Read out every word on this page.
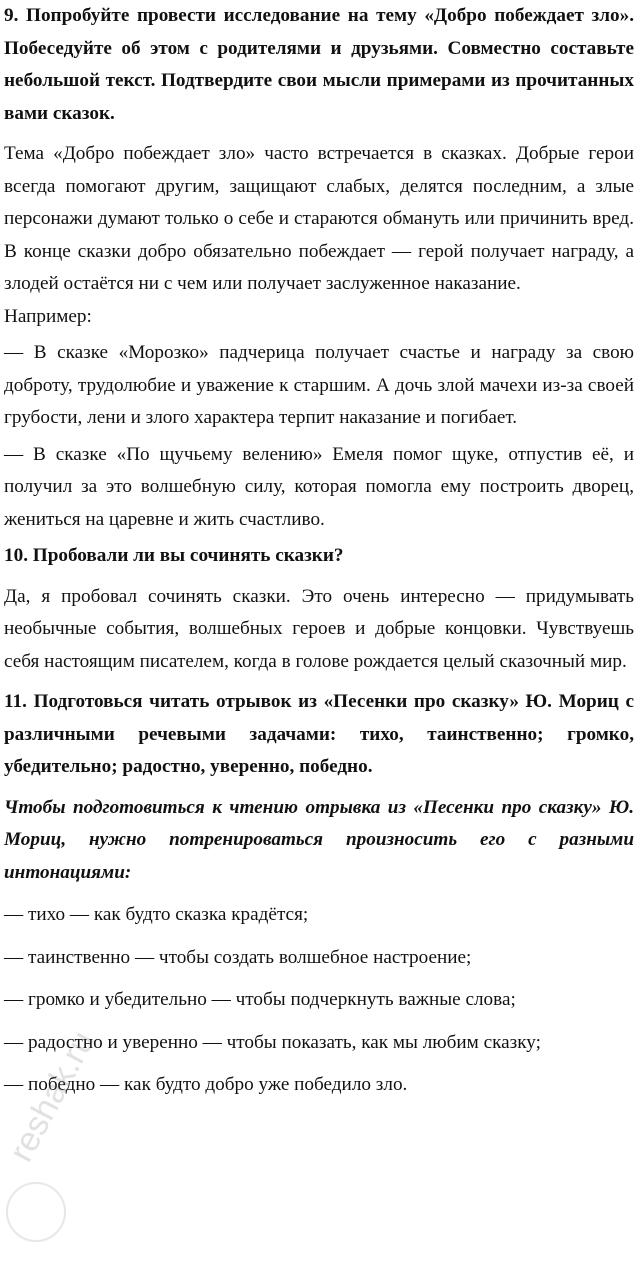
9. Попробуйте провести исследование на тему «Добро побеждает зло». Побеседуйте об этом с родителями и друзьями. Совместно составьте небольшой текст. Подтвердите свои мысли примерами из прочитанных вами сказок.

Тема «Добро побеждает зло» часто встречается в сказках. Добрые герои всегда помогают другим, защищают слабых, делятся последним, а злые персонажи думают только о себе и стараются обмануть или причинить вред. В конце сказки добро обязательно побеждает — герой получает награду, а злодей остаётся ни с чем или получает заслуженное наказание.

Например:

— В сказке «Морозко» падчерица получает счастье и награду за свою доброту, трудолюбие и уважение к старшим. А дочь злой мачехи из-за своей грубости, лени и злого характера терпит наказание и погибает.

— В сказке «По щучьему велению» Емеля помог щуке, отпустив её, и получил за это волшебную силу, которая помогла ему построить дворец, жениться на царевне и жить счастливо.

10. Пробовали ли вы сочинять сказки?

Да, я пробовал сочинять сказки. Это очень интересно — придумывать необычные события, волшебных героев и добрые концовки. Чувствуешь себя настоящим писателем, когда в голове рождается целый сказочный мир.

11. Подготовься читать отрывок из «Песенки про сказку» Ю. Мориц с различными речевыми задачами: тихо, таинственно; громко, убедительно; радостно, уверенно, победно.

Чтобы подготовиться к чтению отрывка из «Песенки про сказку» Ю. Мориц, нужно потренироваться произносить его с разными интонациями:

— тихо — как будто сказка крадётся;

— таинственно — чтобы создать волшебное настроение;

— громко и убедительно — чтобы подчеркнуть важные слова;

— радостно и уверенно — чтобы показать, как мы любим сказку;

— победно — как будто добро уже победило зло.

reshak.ru
